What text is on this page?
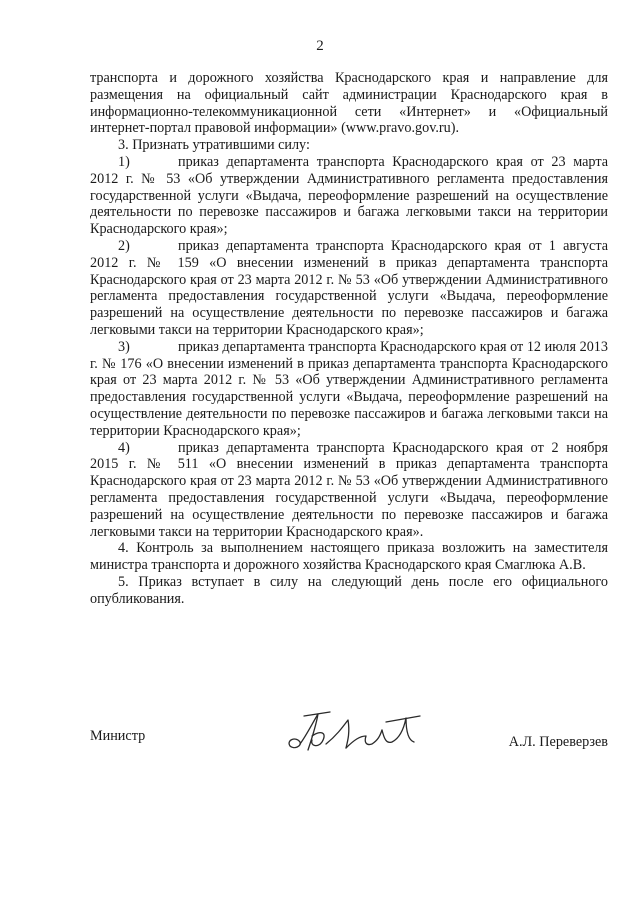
2

транспорта и дорожного хозяйства Краснодарского края и направление для размещения на официальный сайт администрации Краснодарского края в информационно-телекоммуникационной сети «Интернет» и «Официальный интернет-портал правовой информации» (www.pravo.gov.ru).

3. Признать утратившими силу:

1)	приказ департамента транспорта Краснодарского края от 23 марта 2012 г. № 53 «Об утверждении Административного регламента предоставления государственной услуги «Выдача, переоформление разрешений на осуществление деятельности по перевозке пассажиров и багажа легковыми такси на территории Краснодарского края»;

2)	приказ департамента транспорта Краснодарского края от 1 августа 2012 г. № 159 «О внесении изменений в приказ департамента транспорта Краснодарского края от 23 марта 2012 г. № 53 «Об утверждении Административного регламента предоставления государственной услуги «Выдача, переоформление разрешений на осуществление деятельности по перевозке пассажиров и багажа легковыми такси на территории Краснодарского края»;

3)	приказ департамента транспорта Краснодарского края от 12 июля 2013 г. № 176 «О внесении изменений в приказ департамента транспорта Краснодарского края от 23 марта 2012 г. № 53 «Об утверждении Административного регламента предоставления государственной услуги «Выдача, переоформление разрешений на осуществление деятельности по перевозке пассажиров и багажа легковыми такси на территории Краснодарского края»;

4)	приказ департамента транспорта Краснодарского края от 2 ноября 2015 г. № 511 «О внесении изменений в приказ департамента транспорта Краснодарского края от 23 марта 2012 г. № 53 «Об утверждении Административного регламента предоставления государственной услуги «Выдача, переоформление разрешений на осуществление деятельности по перевозке пассажиров и багажа легковыми такси на территории Краснодарского края».

4. Контроль за выполнением настоящего приказа возложить на заместителя министра транспорта и дорожного хозяйства Краснодарского края Смаглюка А.В.

5. Приказ вступает в силу на следующий день после его официального опубликования.

Министр	А.Л. Переверзев
